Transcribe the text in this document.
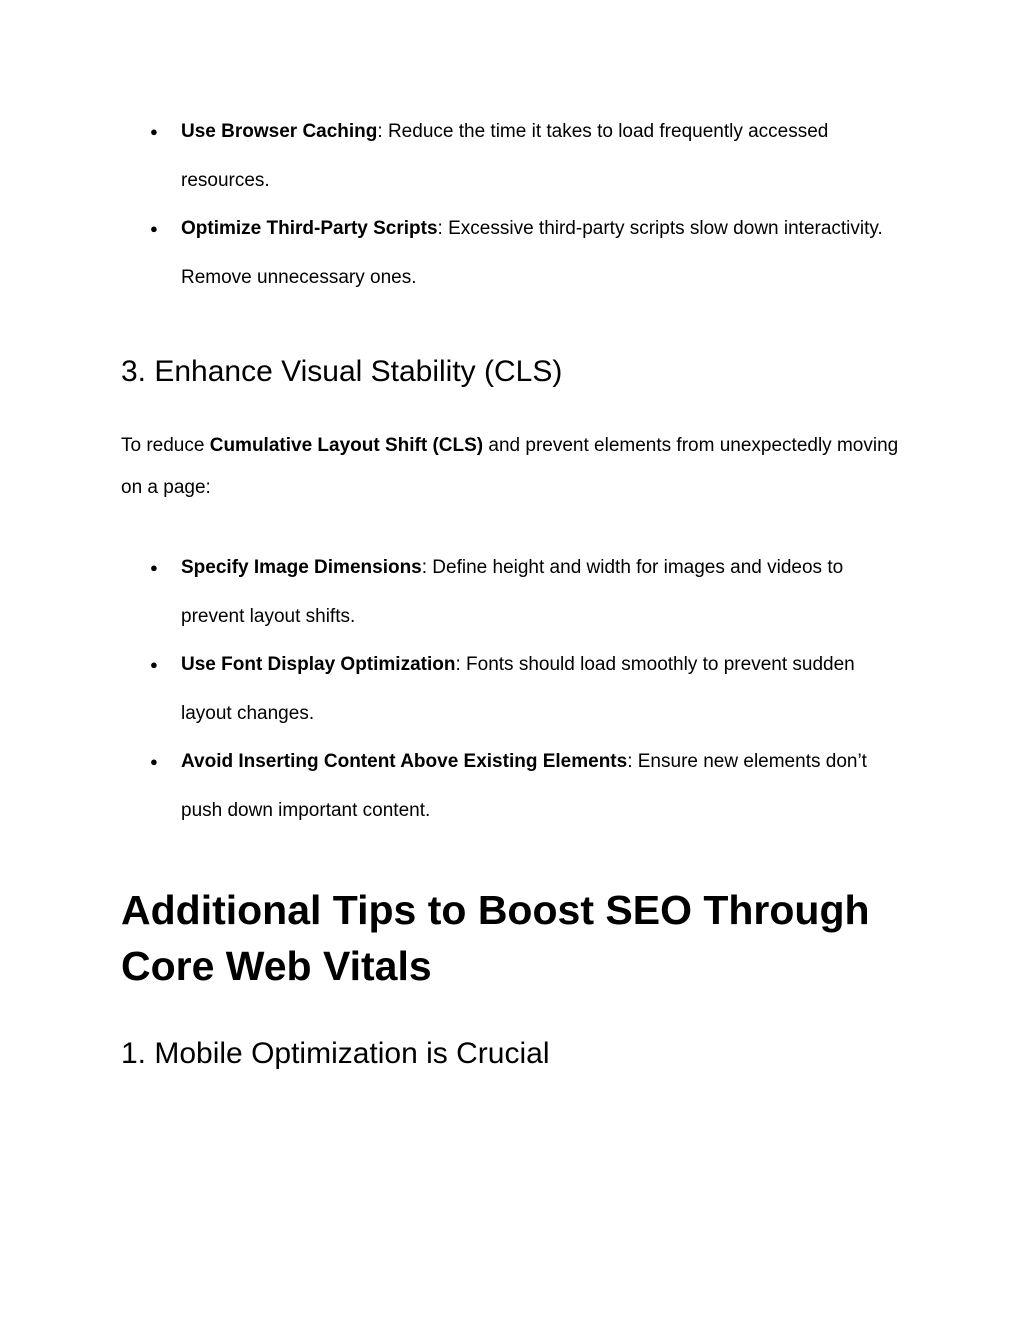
● Use Browser Caching: Reduce the time it takes to load frequently accessed resources.
● Optimize Third-Party Scripts: Excessive third-party scripts slow down interactivity. Remove unnecessary ones.
3. Enhance Visual Stability (CLS)

To reduce Cumulative Layout Shift (CLS) and prevent elements from unexpectedly moving on a page:

● Specify Image Dimensions: Define height and width for images and videos to prevent layout shifts.
● Use Font Display Optimization: Fonts should load smoothly to prevent sudden layout changes.
● Avoid Inserting Content Above Existing Elements: Ensure new elements don’t push down important content.
Additional Tips to Boost SEO Through Core Web Vitals
1. Mobile Optimization is Crucial
